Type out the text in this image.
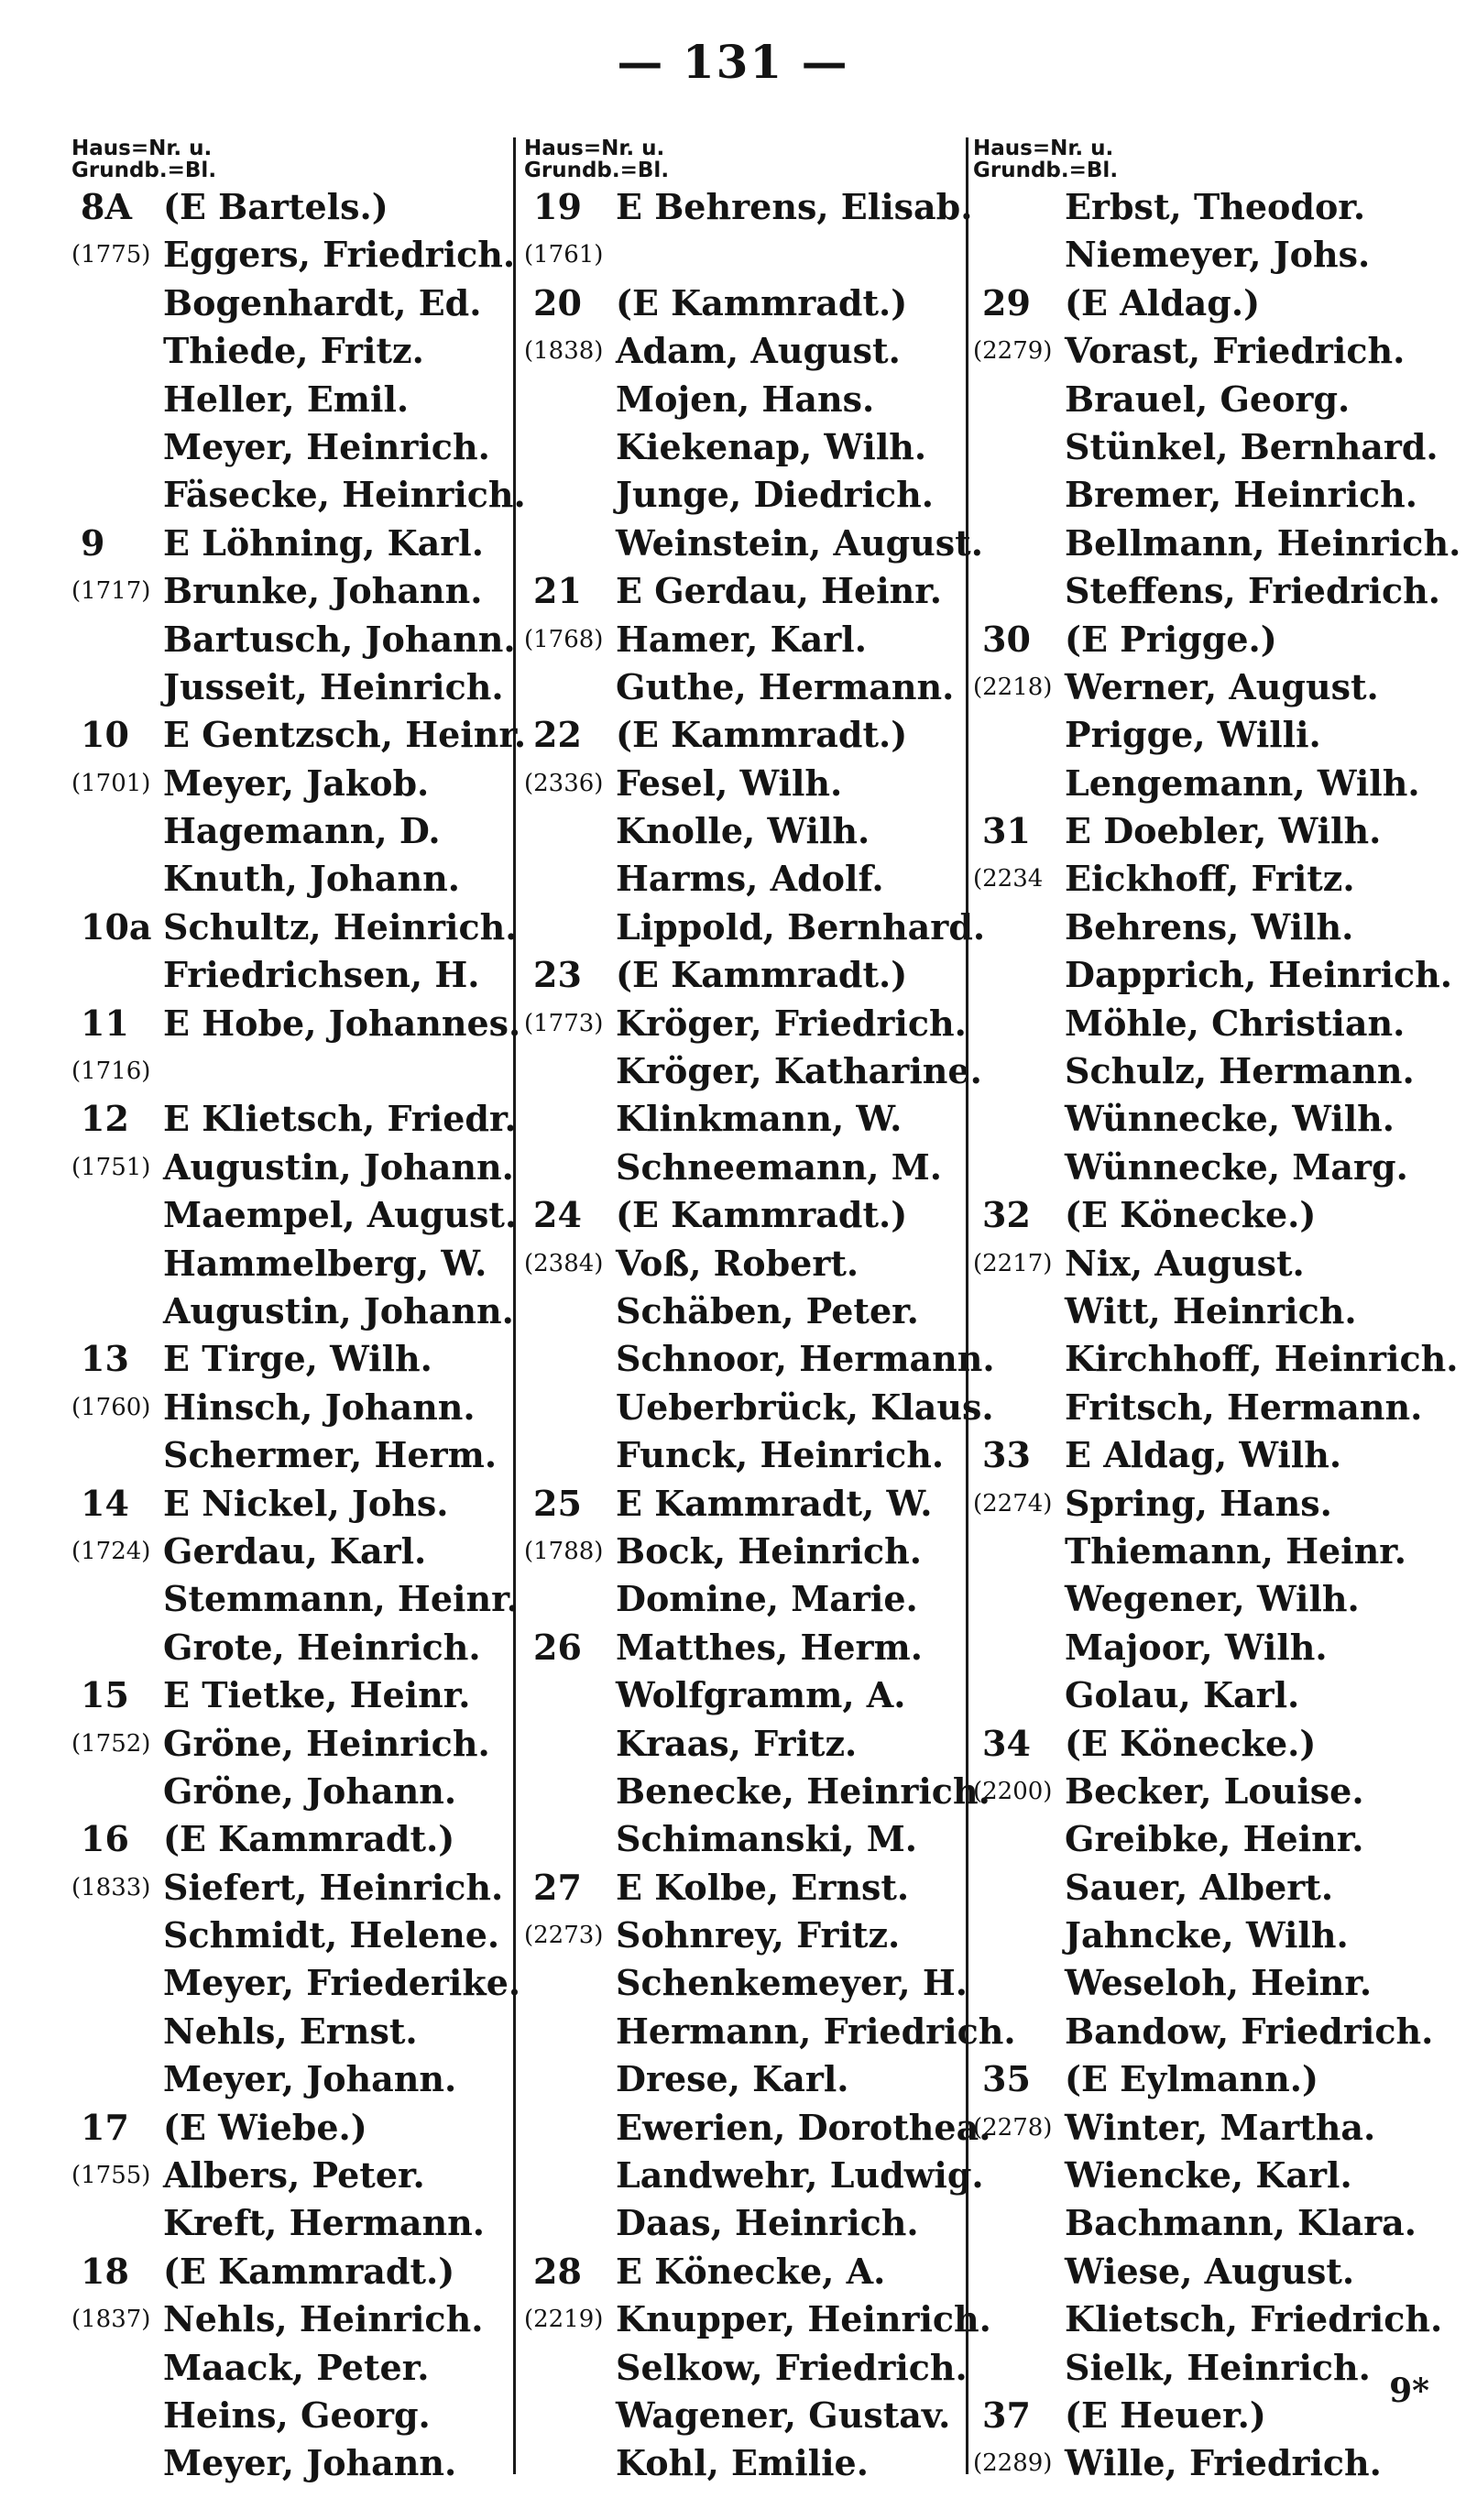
— 131 —
Haus=Nr. u.
Grundb.=Bl.
8A (E Bartels.)
(1775) Eggers, Friedrich.
Bogenhardt, Ed.
Thiede, Fritz.
Heller, Emil.
Meyer, Heinrich.
Fäsecke, Heinrich.
9 E Löhning, Karl.
(1717) Brunke, Johann.
Bartusch, Johann.
Jusseit, Heinrich.
10 E Gentzsch, Heinr.
(1701) Meyer, Jakob.
Hagemann, D.
Knuth, Johann.
10a Schultz, Heinrich.
Friedrichsen, H.
11 E Hobe, Johannes.
(1716)
12 E Klietsch, Friedr.
(1751) Augustin, Johann.
Maempel, August.
Hammelberg, W.
Augustin, Johann.
13 E Tirge, Wilh.
(1760) Hinsch, Johann.
Schermer, Herm.
14 E Nickel, Johs.
(1724) Gerdau, Karl.
Stemmann, Heinr.
Grote, Heinrich.
15 E Tietke, Heinr.
(1752) Gröne, Heinrich.
Gröne, Johann.
16 (E Kammradt.)
(1833) Siefert, Heinrich.
Schmidt, Helene.
Meyer, Friederike.
Nehls, Ernst.
Meyer, Johann.
17 (E Wiebe.)
(1755) Albers, Peter.
Kreft, Hermann.
18 (E Kammradt.)
(1837) Nehls, Heinrich.
Maack, Peter.
Heins, Georg.
Meyer, Johann.
Haus=Nr. u.
Grundb.=Bl.
19 E Behrens, Elisab.
(1761)
20 (E Kammradt.)
(1838) Adam, August.
Mojen, Hans.
Kiekenap, Wilh.
Junge, Diedrich.
Weinstein, August.
21 E Gerdau, Heinr.
(1768) Hamer, Karl.
Guthe, Hermann.
22 (E Kammradt.)
(2336) Fesel, Wilh.
Knolle, Wilh.
Harms, Adolf.
Lippold, Bernhard.
23 (E Kammradt.)
(1773) Kröger, Friedrich.
Kröger, Katharine.
Klinkmann, W.
Schneemann, M.
24 (E Kammradt.)
(2384) Voß, Robert.
Schäben, Peter.
Schnoor, Hermann.
Ueberbrück, Klaus.
Funck, Heinrich.
25 E Kammradt, W.
(1788) Bock, Heinrich.
Domine, Marie.
26 Matthes, Herm.
Wolfgramm, A.
Kraas, Fritz.
Benecke, Heinrich.
Schimanski, M.
27 E Kolbe, Ernst.
(2273) Sohnrey, Fritz.
Schenkemeyer, H.
Hermann, Friedrich.
Drese, Karl.
Ewerien, Dorothea.
Landwehr, Ludwig.
Daas, Heinrich.
28 E Könecke, A.
(2219) Knupper, Heinrich.
Selkow, Friedrich.
Wagener, Gustav.
Kohl, Emilie.
Haus=Nr. u.
Grundb.=Bl.
Erbst, Theodor.
Niemeyer, Johs.
29 (E Aldag.)
(2279) Vorast, Friedrich.
Brauel, Georg.
Stünkel, Bernhard.
Bremer, Heinrich.
Bellmann, Heinrich.
Steffens, Friedrich.
30 (E Prigge.)
(2218) Werner, August.
Prigge, Willi.
Lengemann, Wilh.
31 E Doebler, Wilh.
(2234 Eickhoff, Fritz.
Behrens, Wilh.
Dapprich, Heinrich.
Möhle, Christian.
Schulz, Hermann.
Wünnecke, Wilh.
Wünnecke, Marg.
32 (E Könecke.)
(2217) Nix, August.
Witt, Heinrich.
Kirchhoff, Heinrich.
Fritsch, Hermann.
33 E Aldag, Wilh.
(2274) Spring, Hans.
Thiemann, Heinr.
Wegener, Wilh.
Majoor, Wilh.
Golau, Karl.
34 (E Könecke.)
(2200) Becker, Louise.
Greibke, Heinr.
Sauer, Albert.
Jahncke, Wilh.
Weseloh, Heinr.
Bandow, Friedrich.
35 (E Eylmann.)
(2278) Winter, Martha.
Wiencke, Karl.
Bachmann, Klara.
Wiese, August.
Klietsch, Friedrich.
Sielk, Heinrich.
37 (E Heuer.)
(2289) Wille, Friedrich.
9*
